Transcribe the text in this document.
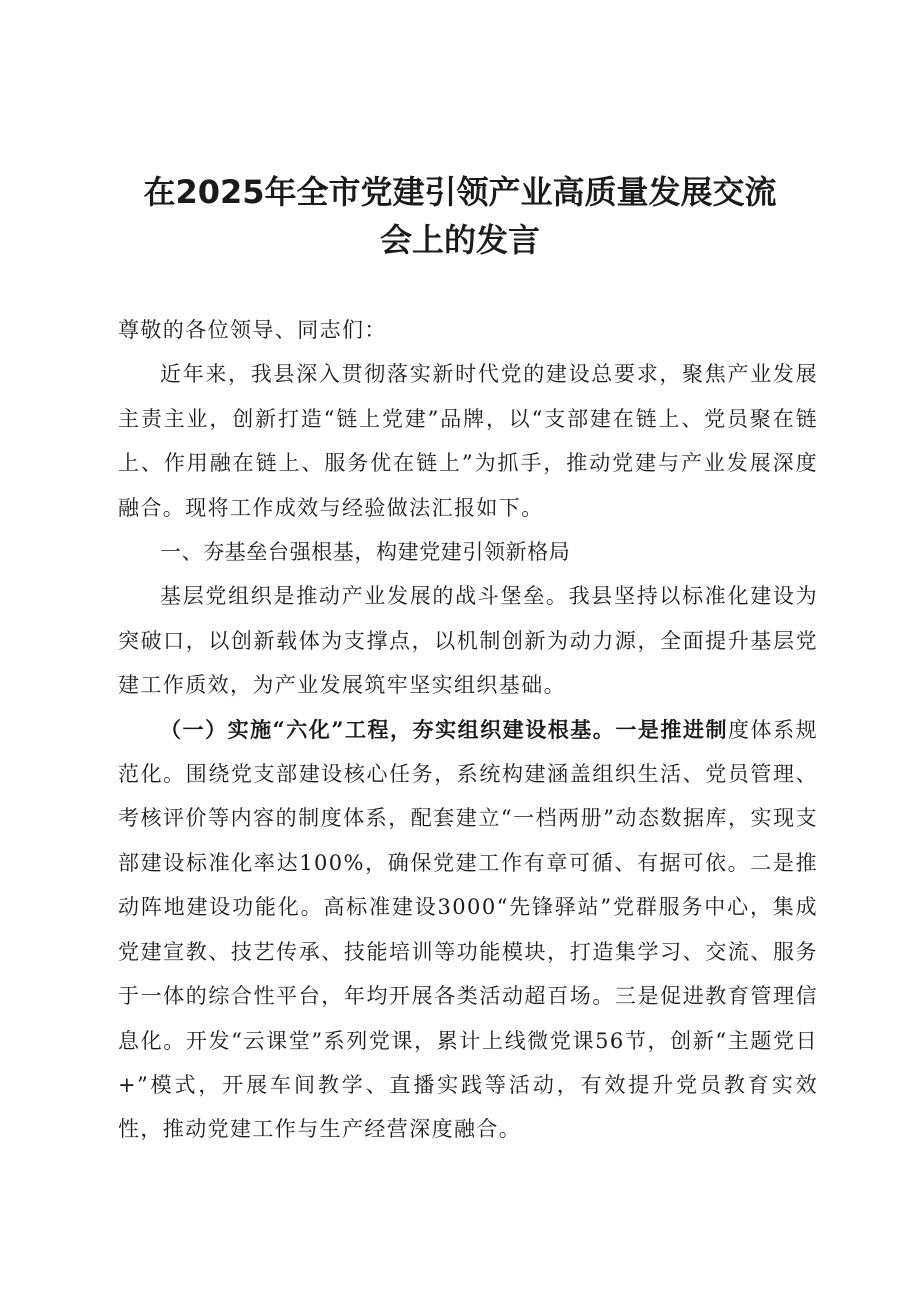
在2025年全市党建引领产业高质量发展交流
会上的发言

尊敬的各位领导、同志们：

近年来，我县深入贯彻落实新时代党的建设总要求，聚焦产业发展主责主业，创新打造“链上党建”品牌，以“支部建在链上、党员聚在链上、作用融在链上、服务优在链上”为抓手，推动党建与产业发展深度融合。现将工作成效与经验做法汇报如下。

一、夯基垒台强根基，构建党建引领新格局

基层党组织是推动产业发展的战斗堡垒。我县坚持以标准化建设为突破口，以创新载体为支撑点，以机制创新为动力源，全面提升基层党建工作质效，为产业发展筑牢坚实组织基础。

（一）实施“六化”工程，夯实组织建设根基。一是推进制度体系规范化。围绕党支部建设核心任务，系统构建涵盖组织生活、党员管理、考核评价等内容的制度体系，配套建立“一档两册”动态数据库，实现支部建设标准化率达100%，确保党建工作有章可循、有据可依。二是推动阵地建设功能化。高标准建设3000“先锋驿站”党群服务中心，集成党建宣教、技艺传承、技能培训等功能模块，打造集学习、交流、服务于一体的综合性平台，年均开展各类活动超百场。三是促进教育管理信息化。开发“云课堂”系列党课，累计上线微党课56节，创新“主题党日+”模式，开展车间教学、直播实践等活动，有效提升党员教育实效性，推动党建工作与生产经营深度融合。
